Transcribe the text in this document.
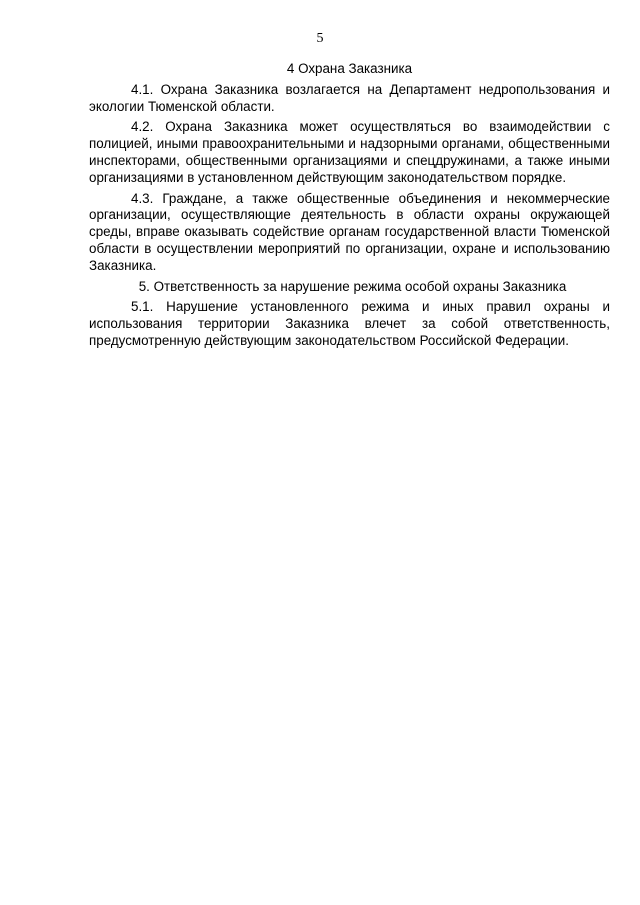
5
4 Охрана Заказника

4.1. Охрана Заказника возлагается на Департамент недропользования и экологии Тюменской области.

4.2. Охрана Заказника может осуществляться во взаимодействии с полицией, иными правоохранительными и надзорными органами, общественными инспекторами, общественными организациями и спецдружинами, а также иными организациями в установленном действующим законодательством порядке.

4.3. Граждане, а также общественные объединения и некоммерческие организации, осуществляющие деятельность в области охраны окружающей среды, вправе оказывать содействие органам государственной власти Тюменской области в осуществлении мероприятий по организации, охране и использованию Заказника.

5. Ответственность за нарушение режима особой охраны Заказника

5.1. Нарушение установленного режима и иных правил охраны и использования территории Заказника влечет за собой ответственность, предусмотренную действующим законодательством Российской Федерации.
